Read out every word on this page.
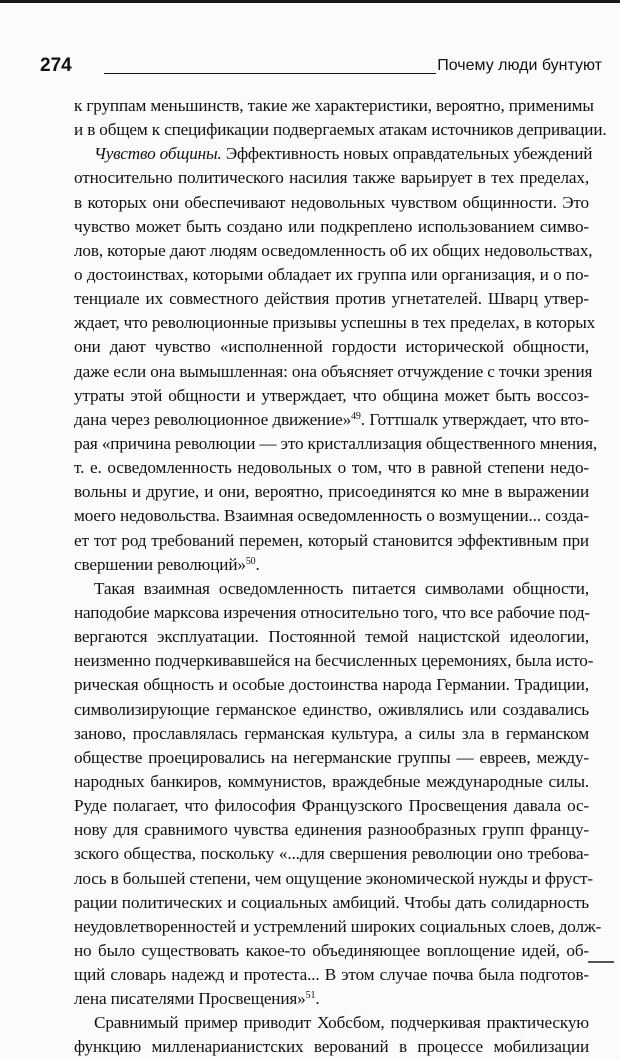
274	Почему люди бунтуют
к группам меньшинств, такие же характеристики, вероятно, применимы
и в общем к спецификации подвергаемых атакам источников депривации.
Чувство общины. Эффективность новых оправдательных убеждений
относительно политического насилия также варьирует в тех пределах,
в которых они обеспечивают недовольных чувством общинности. Это
чувство может быть создано или подкреплено использованием симво-
лов, которые дают людям осведомленность об их общих недовольствах,
о достоинствах, которыми обладает их группа или организация, и о по-
тенциале их совместного действия против угнетателей. Шварц утвер-
ждает, что революционные призывы успешны в тех пределах, в которых
они дают чувство «исполненной гордости исторической общности,
даже если она вымышленная: она объясняет отчуждение с точки зрения
утраты этой общности и утверждает, что община может быть воссоз-
дана через революционное движение»$^{49}$. Готтшалк утверждает, что вто-
рая «причина революции — это кристаллизация общественного мнения,
т. е. осведомленность недовольных о том, что в равной степени недо-
вольны и другие, и они, вероятно, присоединятся ко мне в выражении
моего недовольства. Взаимная осведомленность о возмущении... созда-
ет тот род требований перемен, который становится эффективным при
свершении революций»$^{50}$.
Такая взаимная осведомленность питается символами общности,
наподобие марксова изречения относительно того, что все рабочие под-
вергаются эксплуатации. Постоянной темой нацистской идеологии,
неизменно подчеркивавшейся на бесчисленных церемониях, была исто-
рическая общность и особые достоинства народа Германии. Традиции,
символизирующие германское единство, оживлялись или создавались
заново, прославлялась германская культура, а силы зла в германском
обществе проецировались на негерманские группы — евреев, между-
народных банкиров, коммунистов, враждебные международные силы.
Руде полагает, что философия Французского Просвещения давала ос-
нову для сравнимого чувства единения разнообразных групп францу-
зского общества, поскольку «...для свершения революции оно требова-
лось в большей степени, чем ощущение экономической нужды и фруст-
рации политических и социальных амбиций. Чтобы дать солидарность
неудовлетворенностей и устремлений широких социальных слоев, долж-
но было существовать какое-то объединяющее воплощение идей, об-
щий словарь надежд и протеста... В этом случае почва была подготов-
лена писателями Просвещения»$^{51}$.
Сравнимый пример приводит Хобсбом, подчеркивая практическую
функцию милленарианистских верований в процессе мобилизации
